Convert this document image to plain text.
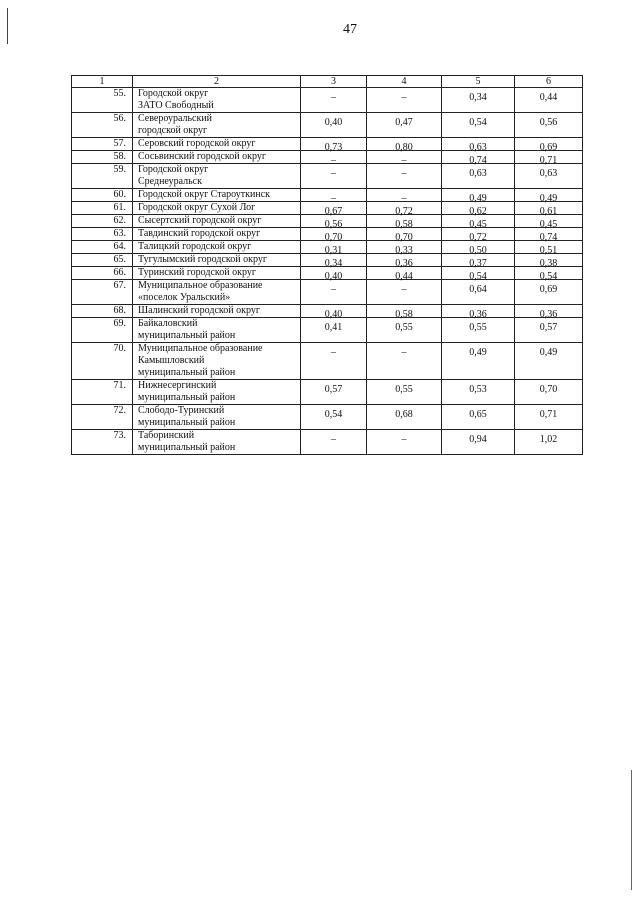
47
1	2	3	4	5	6
55.	Городской округ
ЗАТО Свободный	–	–	0,34	0,44
56.	Североуральский
городской округ	0,40	0,47	0,54	0,56
57.	Серовский городской округ	0,73	0,80	0,63	0,69
58.	Сосьвинский городской округ	–	–	0,74	0,71
59.	Городской округ
Среднеуральск	–	–	0,63	0,63
60.	Городской округ Староуткинск	–	–	0,49	0,49
61.	Городской округ Сухой Лог	0,67	0,72	0,62	0,61
62.	Сысертский городской округ	0,56	0,58	0,45	0,45
63.	Тавдинский городской округ	0,70	0,70	0,72	0,74
64.	Талицкий городской округ	0,31	0,33	0,50	0,51
65.	Тугулымский городской округ	0,34	0,36	0,37	0,38
66.	Туринский городской округ	0,40	0,44	0,54	0,54
67.	Муниципальное образование
«поселок Уральский»	–	–	0,64	0,69
68.	Шалинский городской округ	0,40	0,58	0,36	0,36
69.	Байкаловский
муниципальный район	0,41	0,55	0,55	0,57
70.	Муниципальное образование
Камышловский
муниципальный район	–	–	0,49	0,49
71.	Нижнесергинский
муниципальный район	0,57	0,55	0,53	0,70
72.	Слободо-Туринский
муниципальный район	0,54	0,68	0,65	0,71
73.	Таборинский
муниципальный район	–	–	0,94	1,02
